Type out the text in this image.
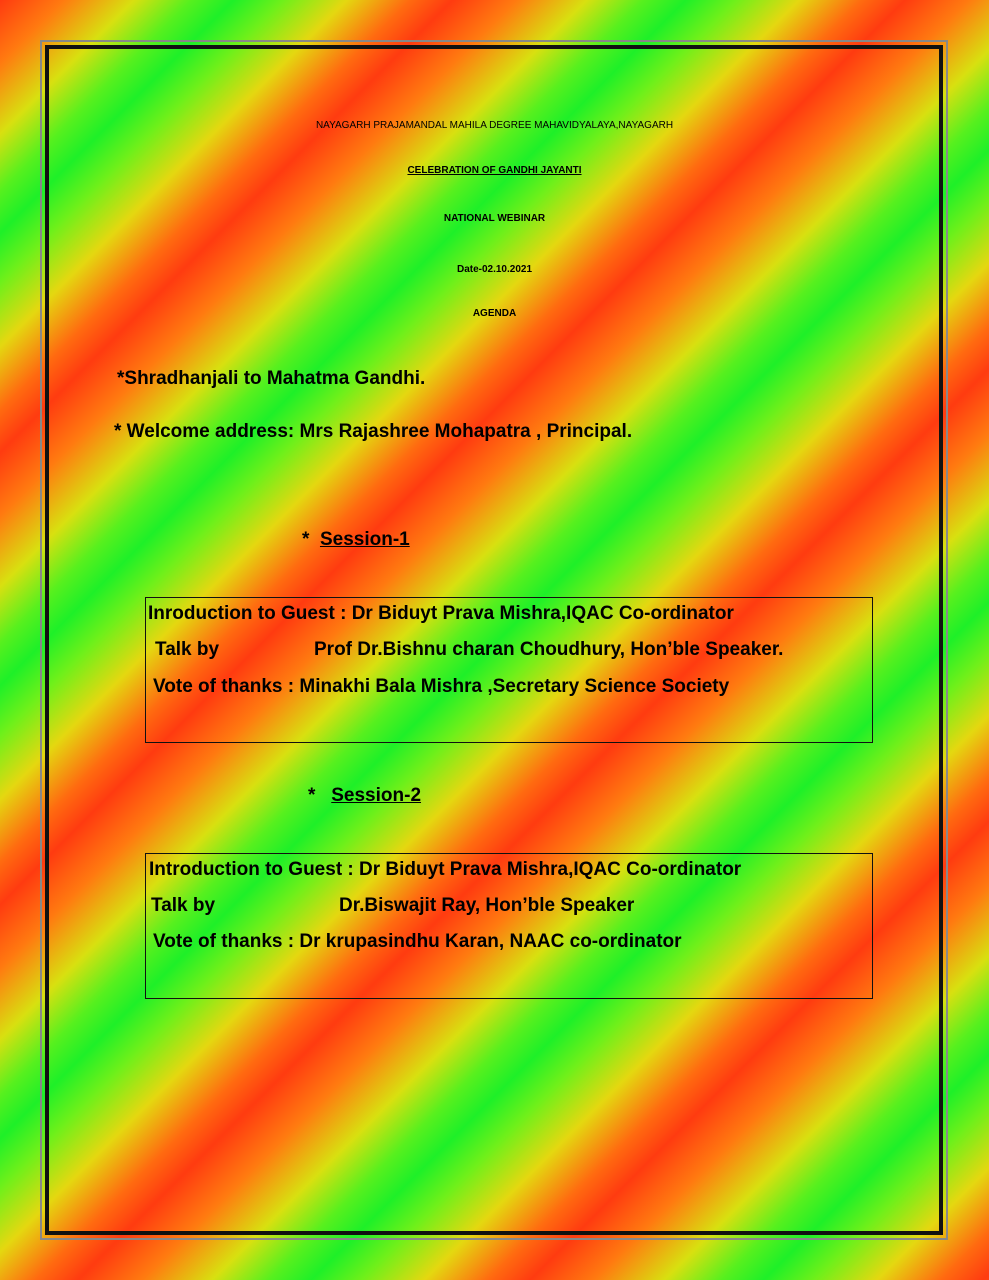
NAYAGARH PRAJAMANDAL MAHILA DEGREE MAHAVIDYALAYA,NAYAGARH
CELEBRATION OF GANDHI JAYANTI
NATIONAL WEBINAR
Date-02.10.2021
AGENDA
*Shradhanjali to Mahatma Gandhi.
* Welcome address: Mrs Rajashree Mohapatra , Principal.
* Session-1
Inroduction to Guest : Dr Biduyt Prava Mishra,IQAC Co-ordinator
Talk by	Prof Dr.Bishnu charan Choudhury, Hon’ble Speaker.
Vote of thanks : Minakhi Bala Mishra ,Secretary Science Society
* Session-2
Introduction to Guest : Dr Biduyt Prava Mishra,IQAC Co-ordinator
Talk by	Dr.Biswajit Ray, Hon’ble Speaker
Vote of thanks : Dr krupasindhu Karan, NAAC co-ordinator
